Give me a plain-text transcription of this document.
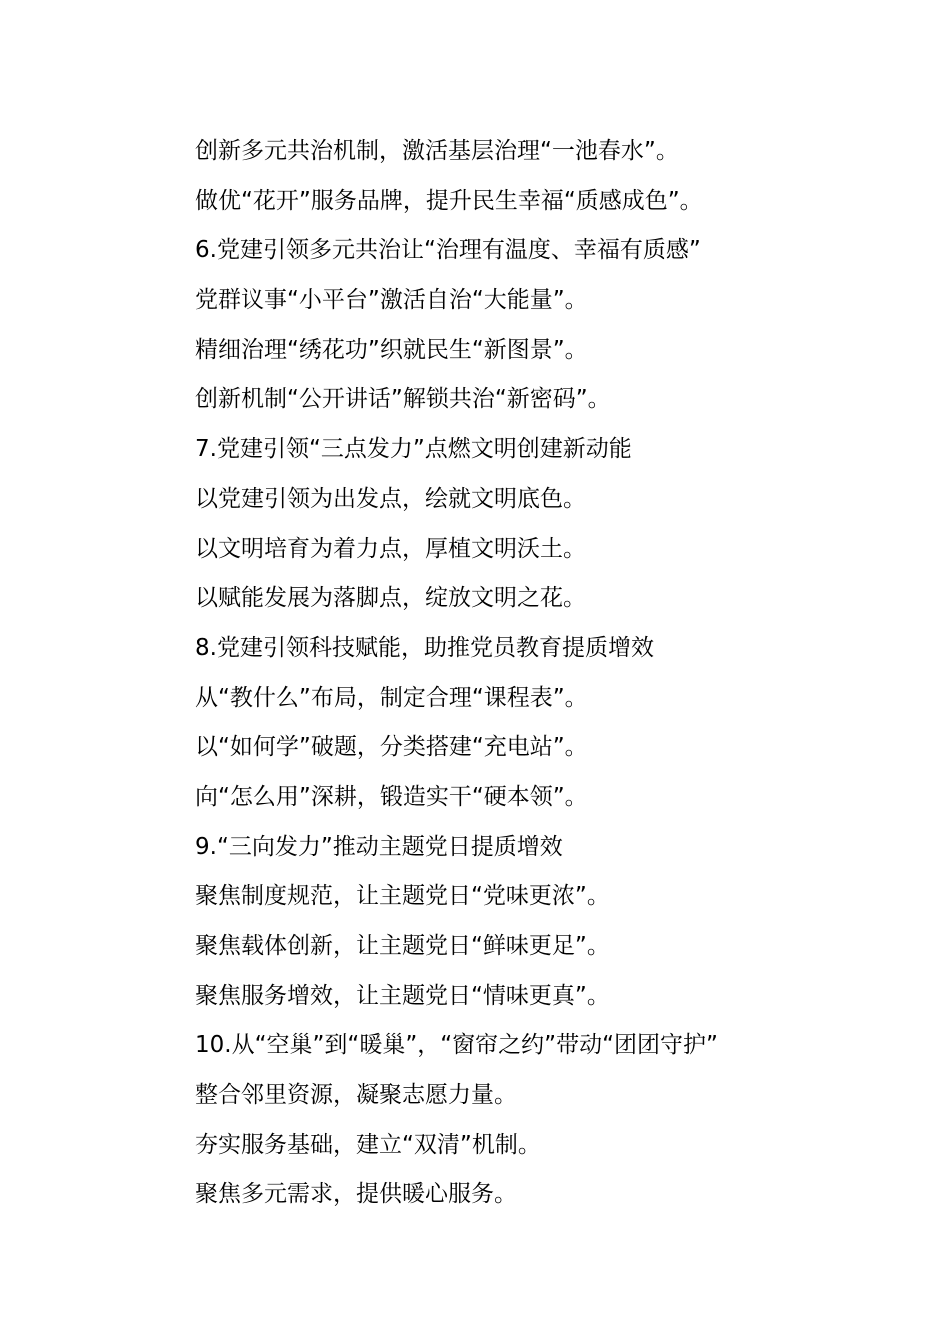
创新多元共治机制，激活基层治理“一池春水”。
做优“花开”服务品牌，提升民生幸福“质感成色”。
6.党建引领多元共治让“治理有温度、幸福有质感”
党群议事“小平台”激活自治“大能量”。
精细治理“绣花功”织就民生“新图景”。
创新机制“公开讲话”解锁共治“新密码”。
7.党建引领“三点发力”点燃文明创建新动能
以党建引领为出发点，绘就文明底色。
以文明培育为着力点，厚植文明沃土。
以赋能发展为落脚点，绽放文明之花。
8.党建引领科技赋能，助推党员教育提质增效
从“教什么”布局，制定合理“课程表”。
以“如何学”破题，分类搭建“充电站”。
向“怎么用”深耕，锻造实干“硬本领”。
9.“三向发力”推动主题党日提质增效
聚焦制度规范，让主题党日“党味更浓”。
聚焦载体创新，让主题党日“鲜味更足”。
聚焦服务增效，让主题党日“情味更真”。
10.从“空巢”到“暖巢”，“窗帘之约”带动“团团守护”
整合邻里资源，凝聚志愿力量。
夯实服务基础，建立“双清”机制。
聚焦多元需求，提供暖心服务。
